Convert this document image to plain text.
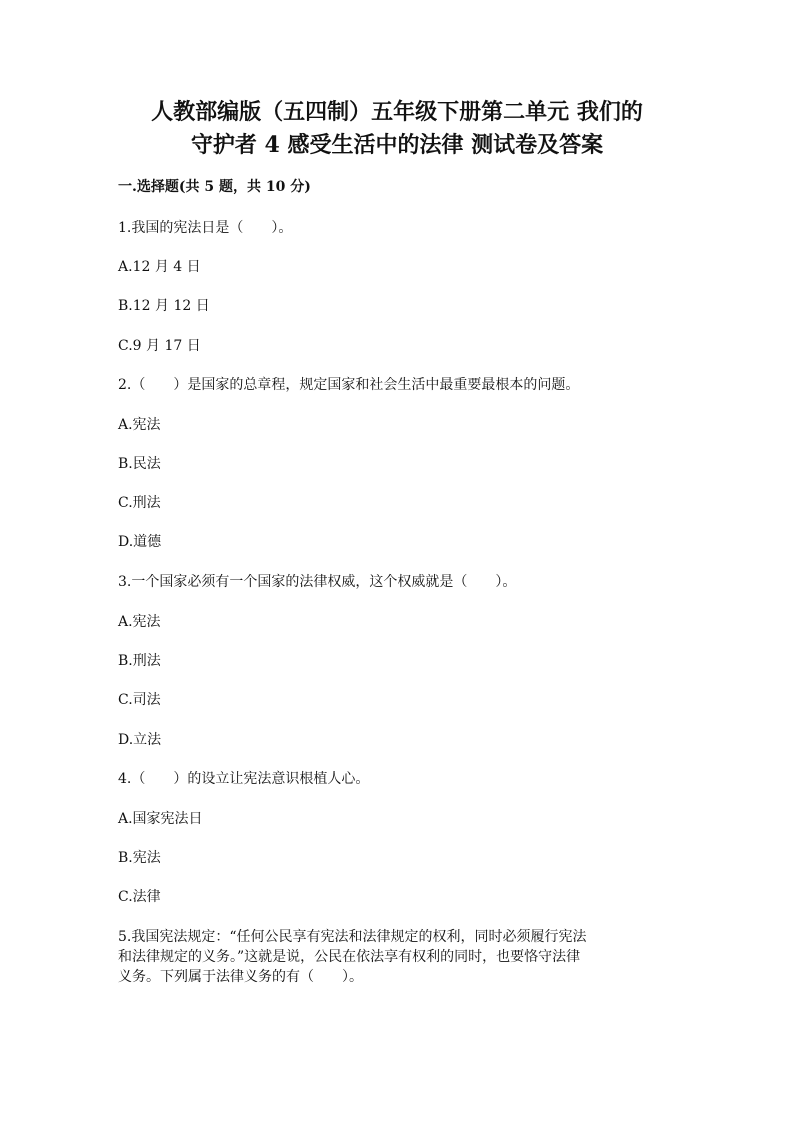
人教部编版（五四制）五年级下册第二单元 我们的
守护者 4 感受生活中的法律 测试卷及答案
一.选择题(共 5 题，共 10 分)
1.我国的宪法日是（　　）。
A.12 月 4 日
B.12 月 12 日
C.9 月 17 日
2.（　　）是国家的总章程，规定国家和社会生活中最重要最根本的问题。
A.宪法
B.民法
C.刑法
D.道德
3.一个国家必须有一个国家的法律权威，这个权威就是（　　）。
A.宪法
B.刑法
C.司法
D.立法
4.（　　）的设立让宪法意识根植人心。
A.国家宪法日
B.宪法
C.法律
5.我国宪法规定：“任何公民享有宪法和法律规定的权利，同时必须履行宪法
和法律规定的义务。”这就是说，公民在依法享有权利的同时，也要恪守法律
义务。下列属于法律义务的有（　　）。
